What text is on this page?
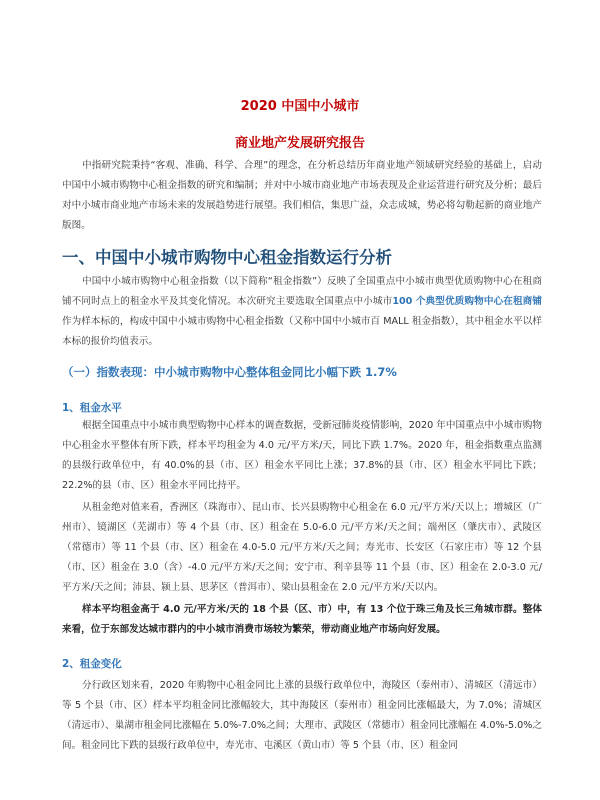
2020 中国中小城市
商业地产发展研究报告

中指研究院秉持“客观、准确、科学、合理”的理念，在分析总结历年商业地产领域研究经验的基础上，启动中国中小城市购物中心租金指数的研究和编制；并对中小城市商业地产市场表现及企业运营进行研究及分析；最后对中小城市商业地产市场未来的发展趋势进行展望。我们相信，集思广益，众志成城，势必将勾勒起新的商业地产版图。

一、中国中小城市购物中心租金指数运行分析

中国中小城市购物中心租金指数（以下简称“租金指数”）反映了全国重点中小城市典型优质购物中心在租商铺不同时点上的租金水平及其变化情况。本次研究主要选取全国重点中小城市100 个典型优质购物中心在租商铺作为样本标的，构成中国中小城市购物中心租金指数（又称中国中小城市百 MALL 租金指数），其中租金水平以样本标的报价均值表示。

（一）指数表现：中小城市购物中心整体租金同比小幅下跌 1.7%
1、租金水平

根据全国重点中小城市典型购物中心样本的调查数据，受新冠肺炎疫情影响，2020 年中国重点中小城市购物中心租金水平整体有所下跌，样本平均租金为 4.0 元/平方米/天，同比下跌 1.7%。2020 年，租金指数重点监测的县级行政单位中，有 40.0%的县（市、区）租金水平同比上涨；37.8%的县（市、区）租金水平同比下跌；22.2%的县（市、区）租金水平同比持平。

从租金绝对值来看，香洲区（珠海市）、昆山市、长兴县购物中心租金在 6.0 元/平方米/天以上；增城区（广州市）、镜湖区（芜湖市）等 4 个县（市、区）租金在 5.0-6.0 元/平方米/天之间；端州区（肇庆市）、武陵区（常德市）等 11 个县（市、区）租金在 4.0-5.0 元/平方米/天之间；寿光市、长安区（石家庄市）等 12 个县（市、区）租金在 3.0（含）-4.0 元/平方米/天之间；安宁市、利辛县等 11 个县（市、区）租金在 2.0-3.0 元/平方米/天之间；沛县、颍上县、思茅区（普洱市）、梁山县租金在 2.0 元/平方米/天以内。

样本平均租金高于 4.0 元/平方米/天的 18 个县（区、市）中，有 13 个位于珠三角及长三角城市群。整体来看，位于东部发达城市群内的中小城市消费市场较为繁荣，带动商业地产市场向好发展。

2、租金变化

分行政区划来看，2020 年购物中心租金同比上涨的县级行政单位中，海陵区（泰州市）、清城区（清远市）等 5 个县（市、区）样本平均租金同比涨幅较大，其中海陵区（泰州市）租金同比涨幅最大，为 7.0%；清城区（清远市）、巢湖市租金同比涨幅在 5.0%-7.0%之间；大理市、武陵区（常德市）租金同比涨幅在 4.0%-5.0%之间。租金同比下跌的县级行政单位中，寿光市、屯溪区（黄山市）等 5 个县（市、区）租金同
